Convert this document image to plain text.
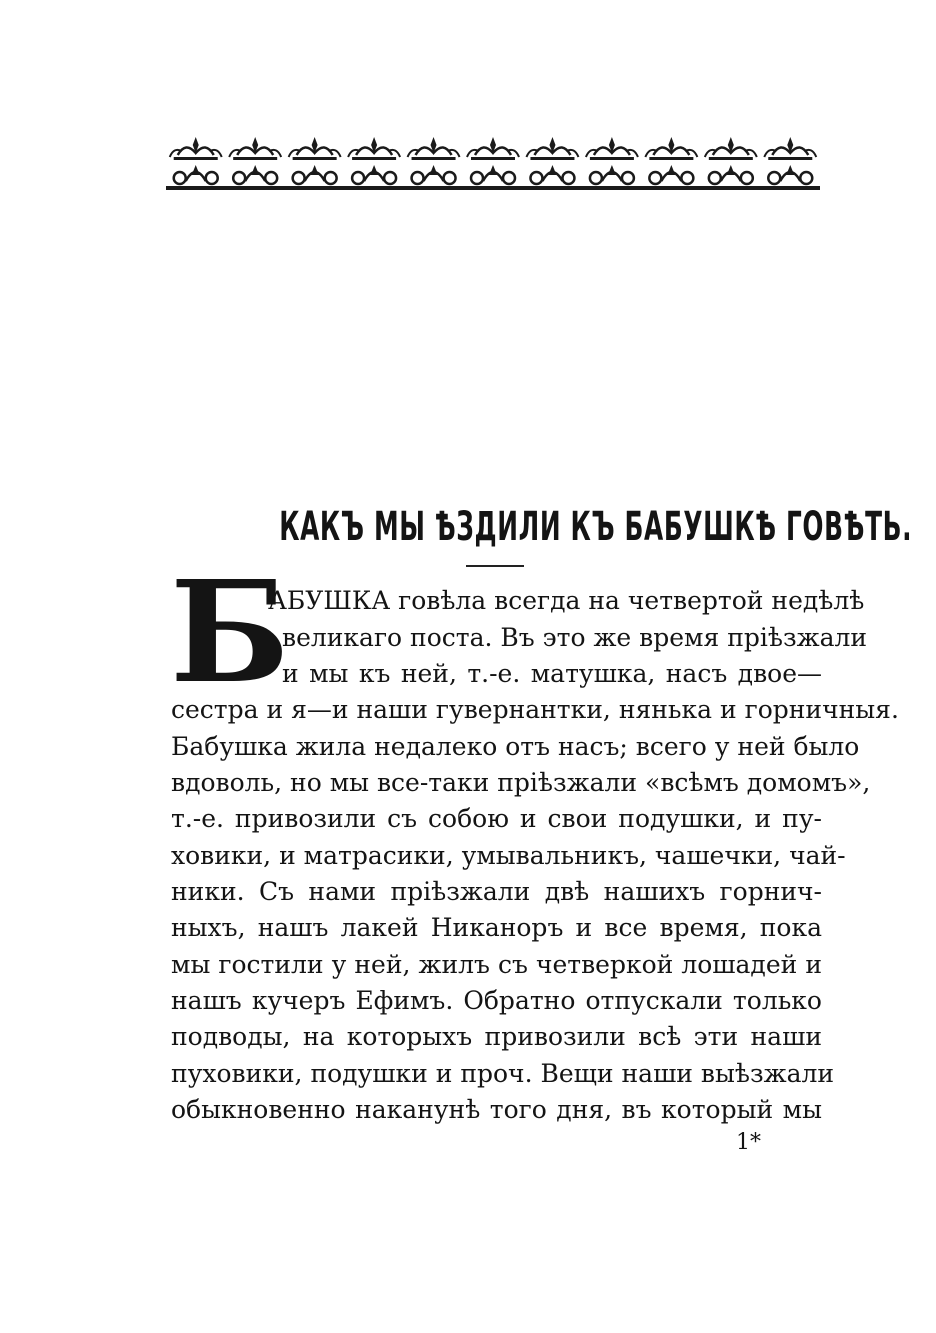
КАКЪ МЫ ѢЗДИЛИ КЪ БАБУШКѢ ГОВѢТЬ.
Б
АБУШКА говѣла всегда на четвертой недѣлѣ
великаго поста. Въ это же время пріѣзжали
и мы къ ней, т.-е. матушка, насъ двое—
сестра и я—и наши гувернантки, нянька и горничныя.
Бабушка жила недалеко отъ насъ; всего у ней было
вдоволь, но мы все-таки пріѣзжали «всѣмъ домомъ»,
т.-е. привозили съ собою и свои подушки, и пу-
ховики, и матрасики, умывальникъ, чашечки, чай-
ники. Съ нами пріѣзжали двѣ нашихъ горнич-
ныхъ, нашъ лакей Никаноръ и все время, пока
мы гостили у ней, жилъ съ четверкой лошадей и
нашъ кучеръ Ефимъ. Обратно отпускали только
подводы, на которыхъ привозили всѣ эти наши
пуховики, подушки и проч. Вещи наши выѣзжали
обыкновенно наканунѣ того дня, въ который мы
1*
